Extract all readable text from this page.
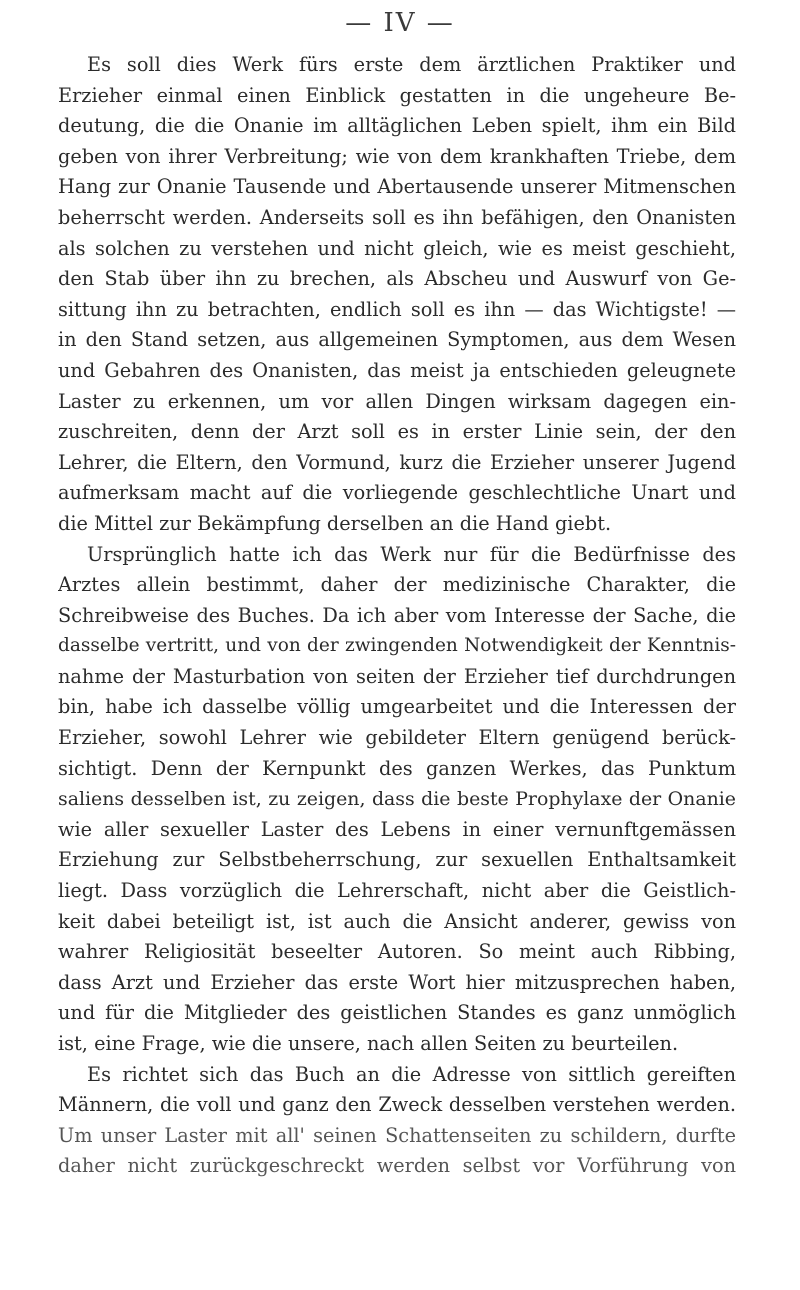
— IV —
Es soll dies Werk fürs erste dem ärztlichen Praktiker und
Erzieher einmal einen Einblick gestatten in die ungeheure Be-
deutung, die die Onanie im alltäglichen Leben spielt, ihm ein Bild
geben von ihrer Verbreitung; wie von dem krankhaften Triebe, dem
Hang zur Onanie Tausende und Abertausende unserer Mitmenschen
beherrscht werden. Anderseits soll es ihn befähigen, den Onanisten
als solchen zu verstehen und nicht gleich, wie es meist geschieht,
den Stab über ihn zu brechen, als Abscheu und Auswurf von Ge-
sittung ihn zu betrachten, endlich soll es ihn — das Wichtigste! —
in den Stand setzen, aus allgemeinen Symptomen, aus dem Wesen
und Gebahren des Onanisten, das meist ja entschieden geleugnete
Laster zu erkennen, um vor allen Dingen wirksam dagegen ein-
zuschreiten, denn der Arzt soll es in erster Linie sein, der den
Lehrer, die Eltern, den Vormund, kurz die Erzieher unserer Jugend
aufmerksam macht auf die vorliegende geschlechtliche Unart und
die Mittel zur Bekämpfung derselben an die Hand giebt.
Ursprünglich hatte ich das Werk nur für die Bedürfnisse des
Arztes allein bestimmt, daher der medizinische Charakter, die
Schreibweise des Buches. Da ich aber vom Interesse der Sache, die
dasselbe vertritt, und von der zwingenden Notwendigkeit der Kenntnis-
nahme der Masturbation von seiten der Erzieher tief durchdrungen
bin, habe ich dasselbe völlig umgearbeitet und die Interessen der
Erzieher, sowohl Lehrer wie gebildeter Eltern genügend berück-
sichtigt. Denn der Kernpunkt des ganzen Werkes, das Punktum
saliens desselben ist, zu zeigen, dass die beste Prophylaxe der Onanie
wie aller sexueller Laster des Lebens in einer vernunftgemässen
Erziehung zur Selbstbeherrschung, zur sexuellen Enthaltsamkeit
liegt. Dass vorzüglich die Lehrerschaft, nicht aber die Geistlich-
keit dabei beteiligt ist, ist auch die Ansicht anderer, gewiss von
wahrer Religiosität beseelter Autoren. So meint auch Ribbing,
dass Arzt und Erzieher das erste Wort hier mitzusprechen haben,
und für die Mitglieder des geistlichen Standes es ganz unmöglich
ist, eine Frage, wie die unsere, nach allen Seiten zu beurteilen.
Es richtet sich das Buch an die Adresse von sittlich gereiften
Männern, die voll und ganz den Zweck desselben verstehen werden.
Um unser Laster mit all' seinen Schattenseiten zu schildern, durfte
daher nicht zurückgeschreckt werden selbst vor Vorführung von
